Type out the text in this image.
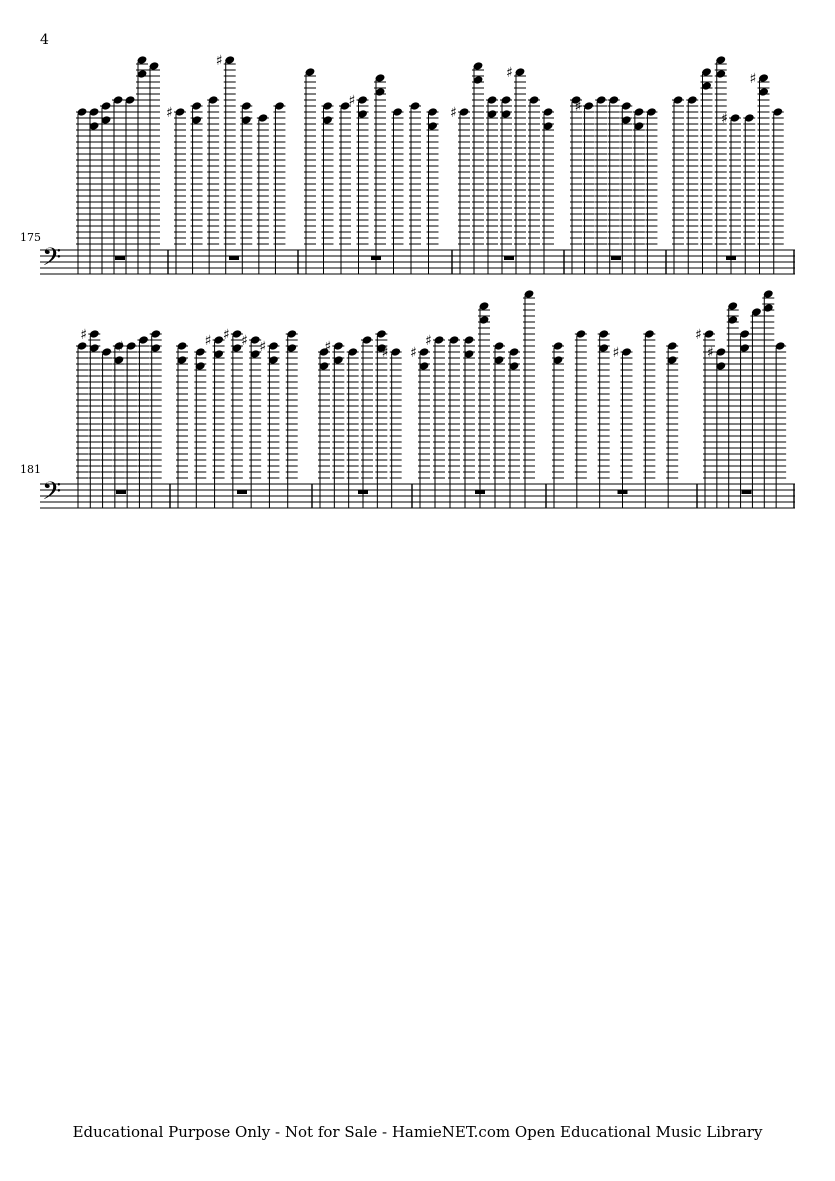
4
175
181
𝄢
♯
♯
♯
♯
♯
♯
♯
♯
𝄢
♯
♯	♯ ♯ ♯ ♯	♯	♯ ♯
♯
♯
♯
♯
Educational Purpose Only - Not for Sale - HamieNET.com Open Educational Music Library
